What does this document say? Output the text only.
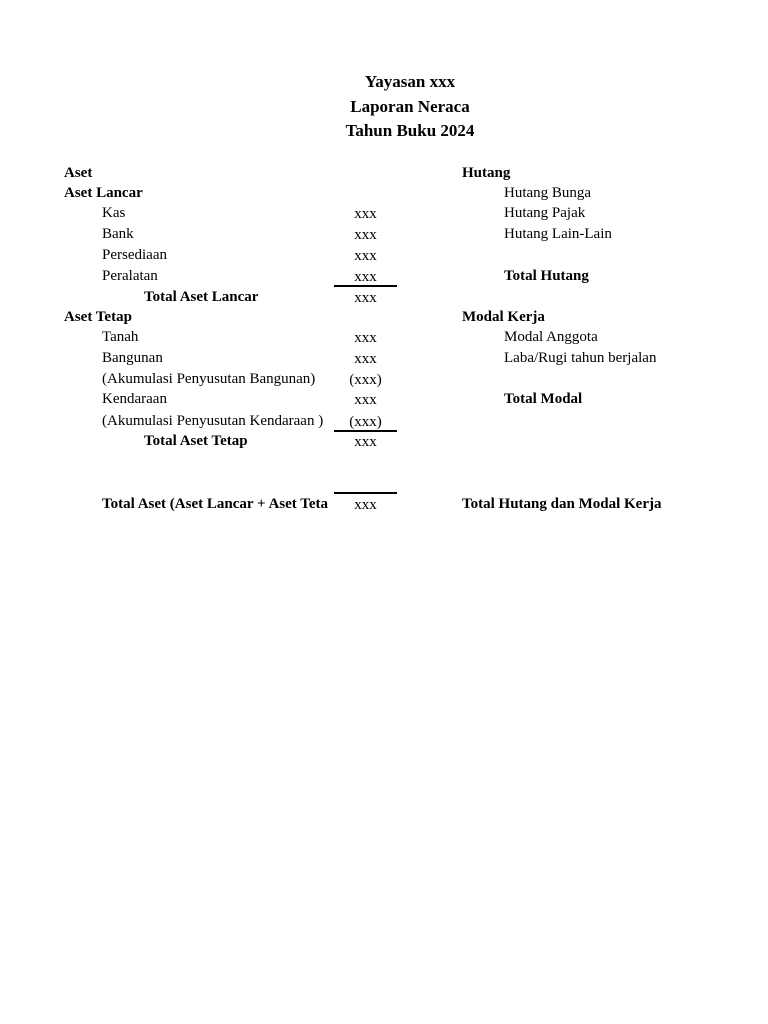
Yayasan xxx
Laporan Neraca
Tahun Buku 2024
Aset
Aset Lancar
Kas	xxx
Bank	xxx
Persediaan	xxx
Peralatan	xxx
Total Aset Lancar	xxx
Aset Tetap
Tanah	xxx
Bangunan	xxx
(Akumulasi Penyusutan Bangunan)	(xxx)
Kendaraan	xxx
(Akumulasi Penyusutan Kendaraan )	(xxx)
Total Aset Tetap	xxx
Total Aset (Aset Lancar + Aset Teta	xxx
Hutang
Hutang Bunga
Hutang Pajak
Hutang Lain-Lain
Total Hutang
Modal Kerja
Modal Anggota
Laba/Rugi tahun berjalan
Total Modal
Total Hutang dan Modal Kerja
